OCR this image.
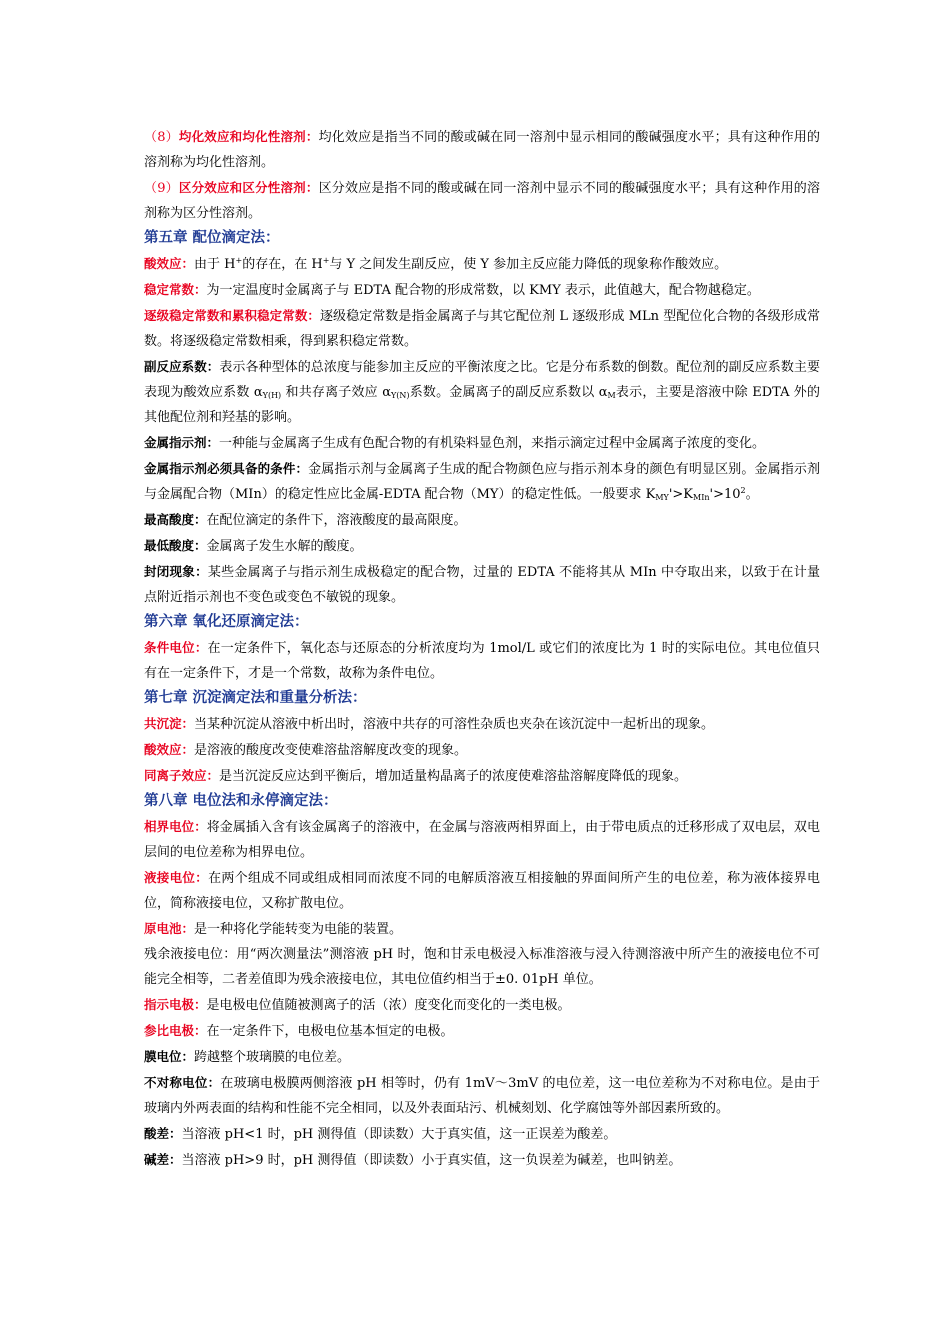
（8）均化效应和均化性溶剂：均化效应是指当不同的酸或碱在同一溶剂中显示相同的酸碱强度水平；具有这种作用的溶剂称为均化性溶剂。
（9）区分效应和区分性溶剂：区分效应是指不同的酸或碱在同一溶剂中显示不同的酸碱强度水平；具有这种作用的溶剂称为区分性溶剂。
第五章 配位滴定法：
酸效应：由于 H+的存在，在 H+与 Y 之间发生副反应，使 Y 参加主反应能力降低的现象称作酸效应。
稳定常数：为一定温度时金属离子与 EDTA 配合物的形成常数，以 KMY 表示，此值越大，配合物越稳定。
逐级稳定常数和累积稳定常数：逐级稳定常数是指金属离子与其它配位剂 L 逐级形成 MLn 型配位化合物的各级形成常数。将逐级稳定常数相乘，得到累积稳定常数。
副反应系数：表示各种型体的总浓度与能参加主反应的平衡浓度之比。它是分布系数的倒数。配位剂的副反应系数主要表现为酸效应系数 $\alpha_{Y(H)}$ 和共存离子效应 $\alpha_{Y(N)}$系数。金属离子的副反应系数以 $\alpha_M$表示，主要是溶液中除 EDTA 外的其他配位剂和羟基的影响。
金属指示剂：一种能与金属离子生成有色配合物的有机染料显色剂，来指示滴定过程中金属离子浓度的变化。
金属指示剂必须具备的条件：金属指示剂与金属离子生成的配合物颜色应与指示剂本身的颜色有明显区别。金属指示剂与金属配合物（MIn）的稳定性应比金属-EDTA 配合物（MY）的稳定性低。一般要求 $K_{MY}'>K_{MIn}'>10^2$。
最高酸度：在配位滴定的条件下，溶液酸度的最高限度。
最低酸度：金属离子发生水解的酸度。
封闭现象：某些金属离子与指示剂生成极稳定的配合物，过量的 EDTA 不能将其从 MIn 中夺取出来，以致于在计量点附近指示剂也不变色或变色不敏锐的现象。
第六章 氧化还原滴定法：
条件电位：在一定条件下，氧化态与还原态的分析浓度均为 1mol/L 或它们的浓度比为 1 时的实际电位。其电位值只有在一定条件下，才是一个常数，故称为条件电位。
第七章 沉淀滴定法和重量分析法：
共沉淀：当某种沉淀从溶液中析出时，溶液中共存的可溶性杂质也夹杂在该沉淀中一起析出的现象。
酸效应：是溶液的酸度改变使难溶盐溶解度改变的现象。
同离子效应：是当沉淀反应达到平衡后，增加适量构晶离子的浓度使难溶盐溶解度降低的现象。
第八章 电位法和永停滴定法：
相界电位：将金属插入含有该金属离子的溶液中，在金属与溶液两相界面上，由于带电质点的迁移形成了双电层，双电层间的电位差称为相界电位。
液接电位：在两个组成不同或组成相同而浓度不同的电解质溶液互相接触的界面间所产生的电位差，称为液体接界电位，简称液接电位，又称扩散电位。
原电池：是一种将化学能转变为电能的装置。
残余液接电位：用“两次测量法”测溶液 pH 时，饱和甘汞电极浸入标准溶液与浸入待测溶液中所产生的液接电位不可能完全相等，二者差值即为残余液接电位，其电位值约相当于±0. 01pH 单位。
指示电极：是电极电位值随被测离子的活（浓）度变化而变化的一类电极。
参比电极：在一定条件下，电极电位基本恒定的电极。
膜电位：跨越整个玻璃膜的电位差。
不对称电位：在玻璃电极膜两侧溶液 pH 相等时，仍有 1mV～3mV 的电位差，这一电位差称为不对称电位。是由于玻璃内外两表面的结构和性能不完全相同，以及外表面玷污、机械刻划、化学腐蚀等外部因素所致的。
酸差：当溶液 pH<1 时，pH 测得值（即读数）大于真实值，这一正误差为酸差。
碱差：当溶液 pH>9 时，pH 测得值（即读数）小于真实值，这一负误差为碱差，也叫钠差。
